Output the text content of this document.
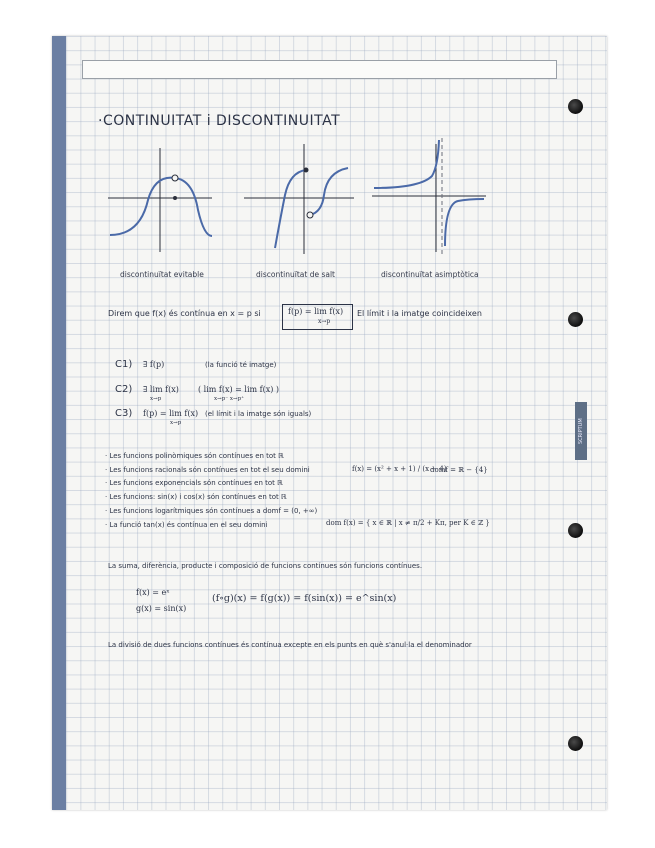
SCRIPTUM
·CONTINUITAT i DISCONTINUITAT
discontinuïtat evitable	discontinuïtat de salt	discontinuïtat asimptòtica
Direm que f(x) és contínua en x = p si	f(p) = lim f(x)
x→p
El límit i la imatge coincideixen
C1) ∃ f(p)	(la funció té imatge)
C2) ∃ lim f(x)
x→p
( lim f(x) = lim f(x) )
x→p⁻ x→p⁺
C3) f(p) = lim f(x)
x→p
(el límit i la imatge són iguals)
· Les funcions polinòmiques són contínues en tot ℝ
· Les funcions racionals són contínues en tot el seu domini
· Les funcions exponencials són contínues en tot ℝ
· Les funcions: sin(x) i cos(x) són contínues en tot ℝ
· Les funcions logarítmiques són contínues a domf = (0, +∞)
· La funció tan(x) és contínua en el seu domini
f(x) = (x² + x + 1) / (x − 4)
domf = ℝ − {4}
dom f(x) = { x ∈ ℝ | x ≠ π/2 + Kπ, per K ∈ ℤ }
La suma, diferència, producte i composició de funcions contínues són funcions contínues.
f(x) = eˣ
g(x) = sin(x)
(f∘g)(x) = f(g(x)) = f(sin(x)) = e^sin(x)
La divisió de dues funcions contínues és contínua excepte en els punts en què s'anul·la el denominador
